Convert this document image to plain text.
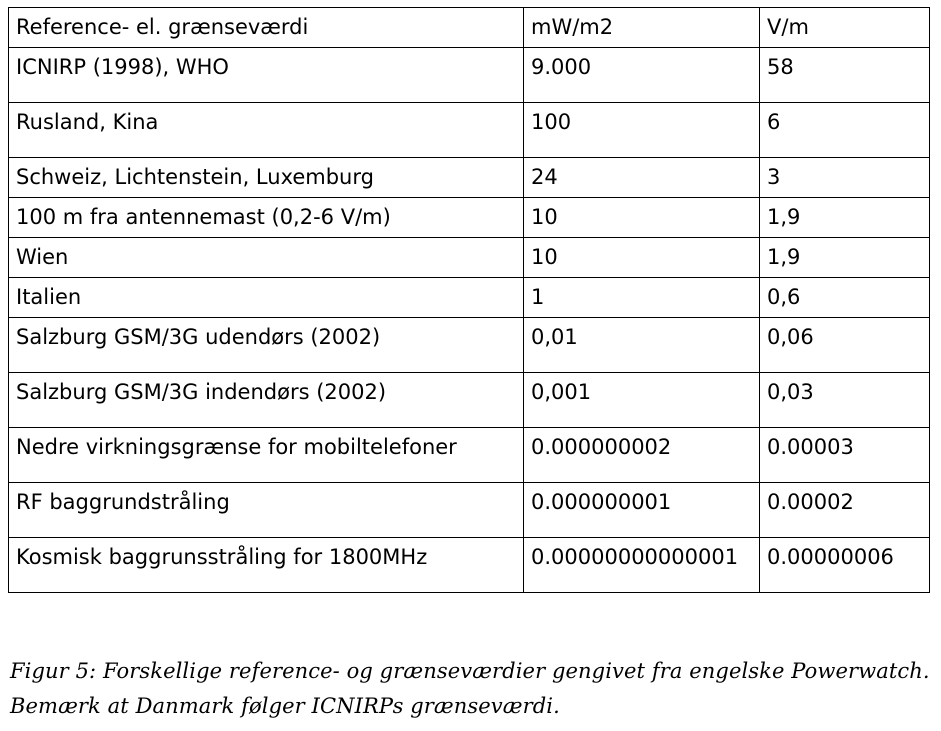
Reference- el. grænseværdi	mW/m2	V/m

ICNIRP (1998), WHO	9.000	58

Rusland, Kina	100	6

Schweiz, Lichtenstein, Luxemburg	24	3

100 m fra antennemast (0,2-6 V/m)	10	1,9

Wien	10	1,9

Italien	1	0,6

Salzburg GSM/3G udendørs (2002)	0,01	0,06

Salzburg GSM/3G indendørs (2002)	0,001	0,03

Nedre virkningsgrænse for mobiltelefoner	0.000000002	0.00003

RF baggrundstråling	0.000000001	0.00002

Kosmisk baggrunsstråling for 1800MHz	0.00000000000001	0.00000006
Figur 5: Forskellige reference- og grænseværdier gengivet fra engelske Powerwatch.
Bemærk at Danmark følger ICNIRPs grænseværdi.
